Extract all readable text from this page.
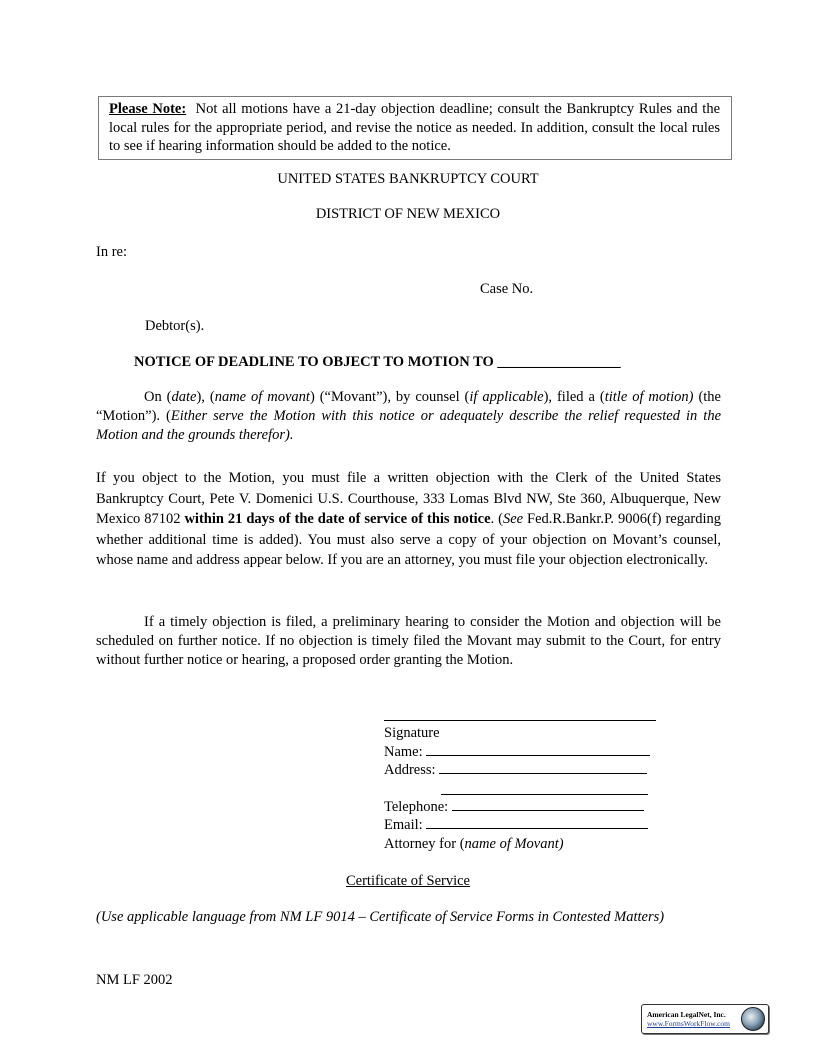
Please Note: Not all motions have a 21-day objection deadline; consult the Bankruptcy Rules and the local rules for the appropriate period, and revise the notice as needed. In addition, consult the local rules to see if hearing information should be added to the notice.
UNITED STATES BANKRUPTCY COURT
DISTRICT OF NEW MEXICO
In re:
Case No.
Debtor(s).
NOTICE OF DEADLINE TO OBJECT TO MOTION TO _________________
On (date), (name of movant) (“Movant”), by counsel (if applicable), filed a (title of motion) (the “Motion”). (Either serve the Motion with this notice or adequately describe the relief requested in the Motion and the grounds therefor).
If you object to the Motion, you must file a written objection with the Clerk of the United States Bankruptcy Court, Pete V. Domenici U.S. Courthouse, 333 Lomas Blvd NW, Ste 360, Albuquerque, New Mexico 87102 within 21 days of the date of service of this notice. (See Fed.R.Bankr.P. 9006(f) regarding whether additional time is added). You must also serve a copy of your objection on Movant’s counsel, whose name and address appear below. If you are an attorney, you must file your objection electronically.
If a timely objection is filed, a preliminary hearing to consider the Motion and objection will be scheduled on further notice. If no objection is timely filed the Movant may submit to the Court, for entry without further notice or hearing, a proposed order granting the Motion.
Signature
Name:
Address:
Telephone:
Email:
Attorney for (name of Movant)
Certificate of Service
(Use applicable language from NM LF 9014 – Certificate of Service Forms in Contested Matters)
NM LF 2002
American LegalNet, Inc.
www.FormsWorkFlow.com
